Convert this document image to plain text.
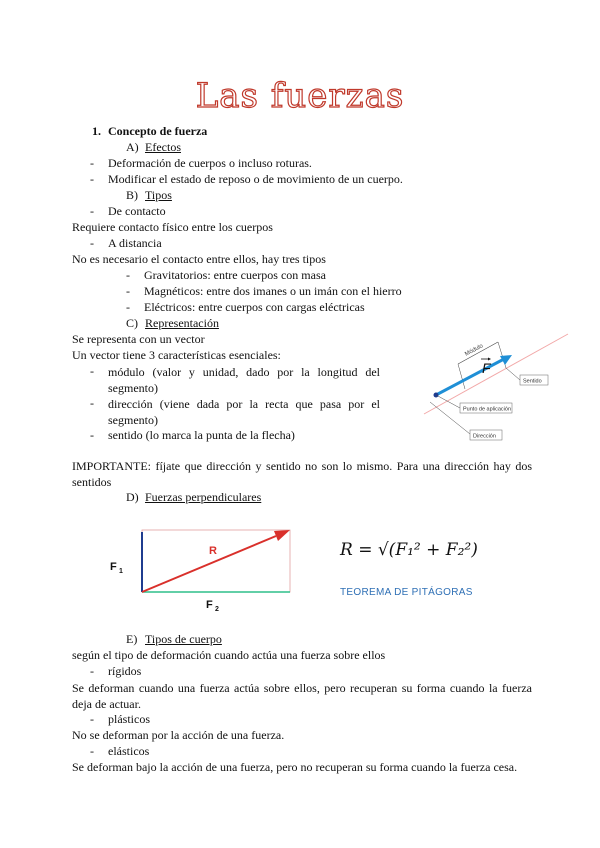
Las fuerzas
1. Concepto de fuerza
A) Efectos
- Deformación de cuerpos o incluso roturas.
- Modificar el estado de reposo o de movimiento de un cuerpo.
B) Tipos
- De contacto
Requiere contacto físico entre los cuerpos
- A distancia
No es necesario el contacto entre ellos, hay tres tipos
- Gravitatorios: entre cuerpos con masa
- Magnéticos: entre dos imanes o un imán con el hierro
- Eléctricos: entre cuerpos con cargas eléctricas
C) Representación
Se representa con un vector
Un vector tiene 3 características esenciales:
- módulo (valor y unidad, dado por la longitud del segmento)
- dirección (viene dada por la recta que pasa por el segmento)
- sentido (lo marca la punta de la flecha)
Módulo
F
Sentido
Punto de aplicación
Dirección
IMPORTANTE: fíjate que dirección y sentido no son lo mismo. Para una dirección hay dos sentidos
D) Fuerzas perpendiculares
F 1
R
F 2
R = √(F₁² + F₂²)
TEOREMA DE PITÁGORAS
E) Tipos de cuerpo
según el tipo de deformación cuando actúa una fuerza sobre ellos
- rígidos
Se deforman cuando una fuerza actúa sobre ellos, pero recuperan su forma cuando la fuerza deja de actuar.
- plásticos
No se deforman por la acción de una fuerza.
- elásticos
Se deforman bajo la acción de una fuerza, pero no recuperan su forma cuando la fuerza cesa.
